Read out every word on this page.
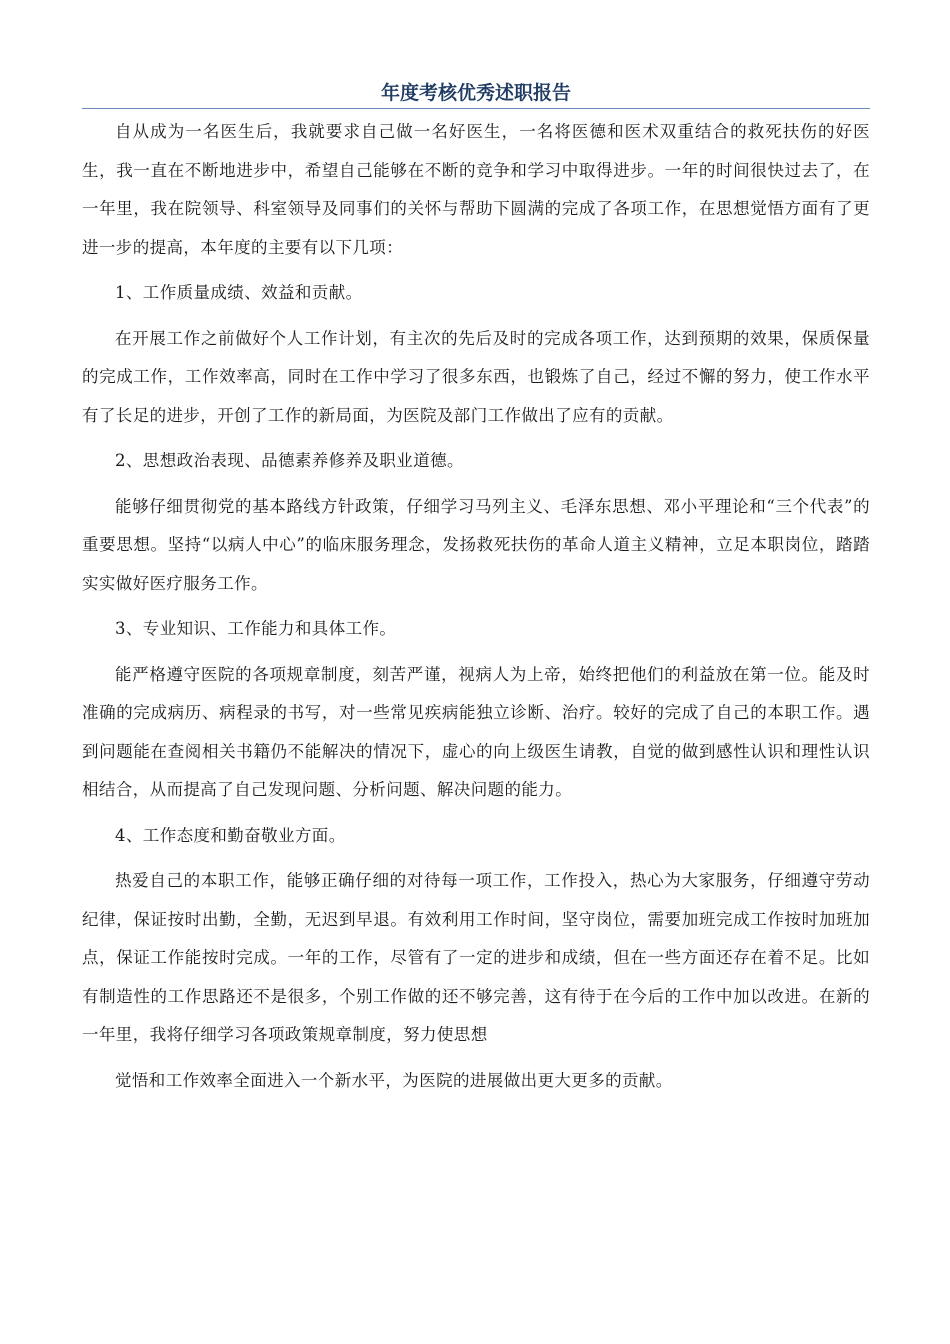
年度考核优秀述职报告

自从成为一名医生后，我就要求自己做一名好医生，一名将医德和医术双重结合的救死扶伤的好医生，我一直在不断地进步中，希望自己能够在不断的竞争和学习中取得进步。一年的时间很快过去了，在一年里，我在院领导、科室领导及同事们的关怀与帮助下圆满的完成了各项工作，在思想觉悟方面有了更进一步的提高，本年度的主要有以下几项：

1、工作质量成绩、效益和贡献。

在开展工作之前做好个人工作计划，有主次的先后及时的完成各项工作，达到预期的效果，保质保量的完成工作，工作效率高，同时在工作中学习了很多东西，也锻炼了自己，经过不懈的努力，使工作水平有了长足的进步，开创了工作的新局面，为医院及部门工作做出了应有的贡献。

2、思想政治表现、品德素养修养及职业道德。

能够仔细贯彻党的基本路线方针政策，仔细学习马列主义、毛泽东思想、邓小平理论和“三个代表”的重要思想。坚持“以病人中心”的临床服务理念，发扬救死扶伤的革命人道主义精神，立足本职岗位，踏踏实实做好医疗服务工作。

3、专业知识、工作能力和具体工作。

能严格遵守医院的各项规章制度，刻苦严谨，视病人为上帝，始终把他们的利益放在第一位。能及时准确的完成病历、病程录的书写，对一些常见疾病能独立诊断、治疗。较好的完成了自己的本职工作。遇到问题能在查阅相关书籍仍不能解决的情况下，虚心的向上级医生请教，自觉的做到感性认识和理性认识相结合，从而提高了自己发现问题、分析问题、解决问题的能力。

4、工作态度和勤奋敬业方面。

热爱自己的本职工作，能够正确仔细的对待每一项工作，工作投入，热心为大家服务，仔细遵守劳动纪律，保证按时出勤，全勤，无迟到早退。有效利用工作时间，坚守岗位，需要加班完成工作按时加班加点，保证工作能按时完成。一年的工作，尽管有了一定的进步和成绩，但在一些方面还存在着不足。比如有制造性的工作思路还不是很多，个别工作做的还不够完善，这有待于在今后的工作中加以改进。在新的一年里，我将仔细学习各项政策规章制度，努力使思想

觉悟和工作效率全面进入一个新水平，为医院的进展做出更大更多的贡献。
